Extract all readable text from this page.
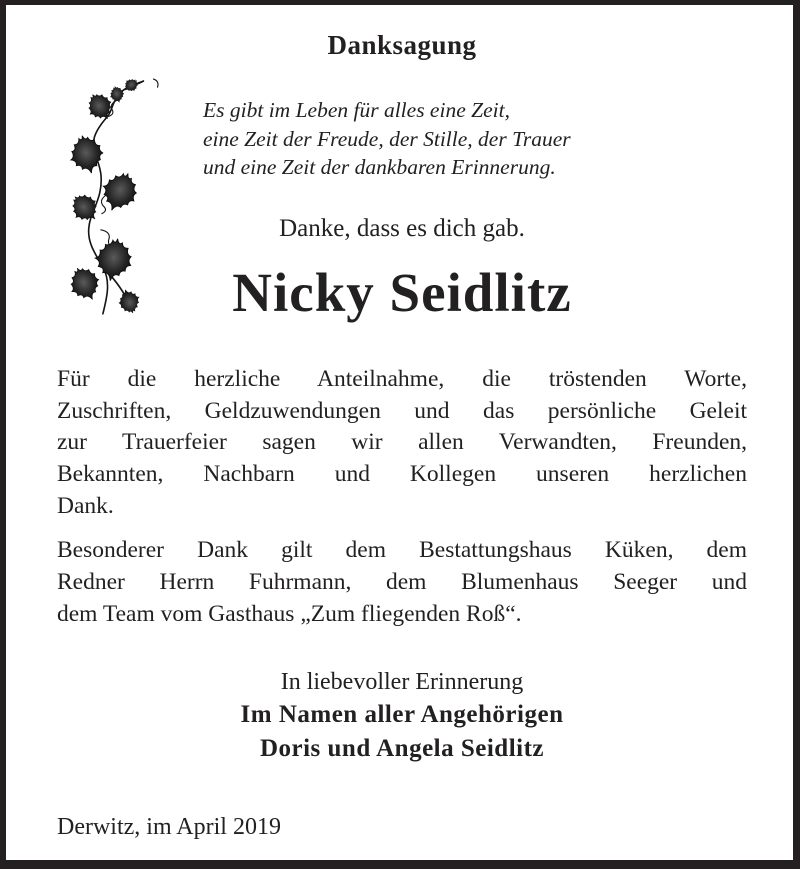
Danksagung
Es gibt im Leben für alles eine Zeit,
eine Zeit der Freude, der Stille, der Trauer
und eine Zeit der dankbaren Erinnerung.
Danke, dass es dich gab.
Nicky Seidlitz
Für die herzliche Anteilnahme, die tröstenden Worte,
Zuschriften, Geldzuwendungen und das persönliche Geleit
zur Trauerfeier sagen wir allen Verwandten, Freunden,
Bekannten, Nachbarn und Kollegen unseren herzlichen
Dank.
Besonderer Dank gilt dem Bestattungshaus Küken, dem
Redner Herrn Fuhrmann, dem Blumenhaus Seeger und
dem Team vom Gasthaus „Zum fliegenden Roß“.
In liebevoller Erinnerung
Im Namen aller Angehörigen
Doris und Angela Seidlitz
Derwitz, im April 2019
